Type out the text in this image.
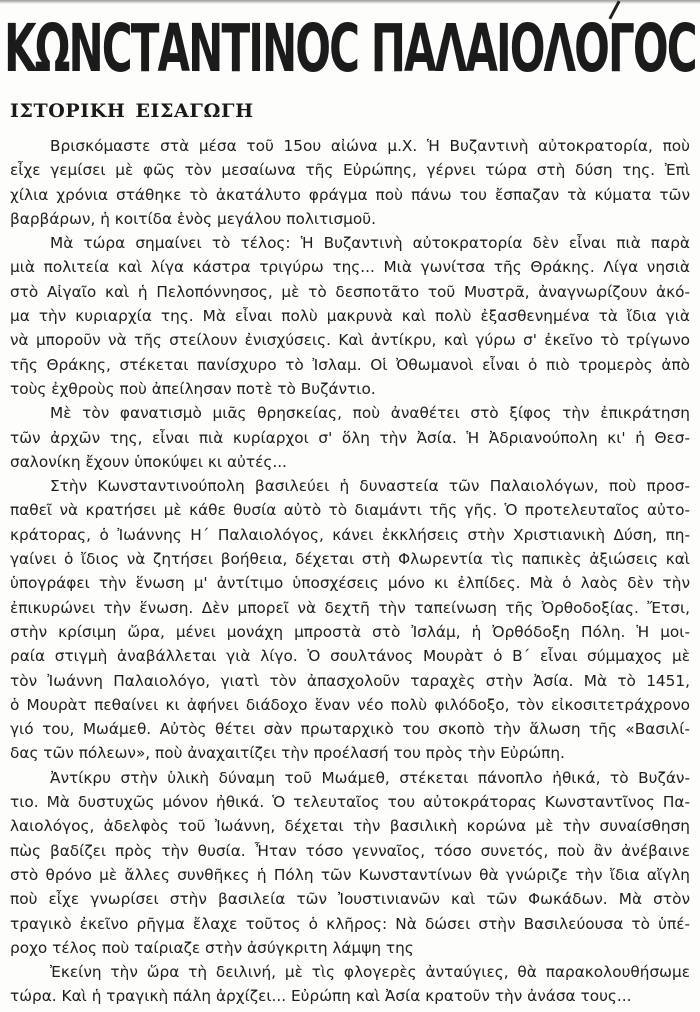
ΚΩΝCΤΑΝΤΙΝΟC ΠΑΛΑΙΟΛΟΓΟC
ΙΣΤΟΡΙΚΗ ΕΙΣΑΓΩΓΗ
Βρισκόμαστε στὰ μέσα τοῦ 15ου αἰώνα μ.Χ. Ἡ Βυζαντινὴ αὐτοκρατορία, ποὺ
εἶχε γεμίσει μὲ φῶς τὸν μεσαίωνα τῆς Εὐρώπης, γέρνει τώρα στὴ δύση της. Ἐπὶ
χίλια χρόνια στάθηκε τὸ ἀκατάλυτο φράγμα ποὺ πάνω του ἔσπαζαν τὰ κύματα τῶν
βαρβάρων, ἡ κοιτίδα ἑνὸς μεγάλου πολιτισμοῦ.
Μὰ τώρα σημαίνει τὸ τέλος: Ἡ Βυζαντινὴ αὐτοκρατορία δὲν εἶναι πιὰ παρὰ
μιὰ πολιτεία καὶ λίγα κάστρα τριγύρω της... Μιὰ γωνίτσα τῆς Θράκης. Λίγα νησιὰ
στὸ Αἰγαῖο καὶ ἡ Πελοπόννησος, μὲ τὸ δεσποτᾶτο τοῦ Μυστρᾶ, ἀναγνωρίζουν ἀκό-
μα τὴν κυριαρχία της. Μὰ εἶναι πολὺ μακρυνὰ καὶ πολὺ ἐξασθενημένα τὰ ἴδια γιὰ
νὰ μποροῦν νὰ τῆς στείλουν ἐνισχύσεις. Καὶ ἀντίκρυ, καὶ γύρω σ' ἐκεῖνο τὸ τρίγωνο
τῆς Θράκης, στέκεται πανίσχυρο τὸ Ἰσλαμ. Οἱ Ὀθωμανοὶ εἶναι ὁ πιὸ τρομερὸς ἀπὸ
τοὺς ἐχθροὺς ποὺ ἀπείλησαν ποτὲ τὸ Βυζάντιο.
Μὲ τὸν φανατισμὸ μιᾶς θρησκείας, ποὺ ἀναθέτει στὸ ξίφος τὴν ἐπικράτηση
τῶν ἀρχῶν της, εἶναι πιὰ κυρίαρχοι σ' ὅλη τὴν Ἀσία. Ἡ Ἀδριανούπολη κι' ἡ Θεσ-
σαλονίκη ἔχουν ὑποκύψει κι αὐτές...
Στὴν Κωνσταντινούπολη βασιλεύει ἡ δυναστεία τῶν Παλαιολόγων, ποὺ προσ-
παθεῖ νὰ κρατήσει μὲ κάθε θυσία αὐτὸ τὸ διαμάντι τῆς γῆς. Ὁ προτελευταῖος αὐτο-
κράτορας, ὁ Ἰωάννης Η΄ Παλαιολόγος, κάνει ἐκκλήσεις στὴν Χριστιανικὴ Δύση, πη-
γαίνει ὁ ἴδιος νὰ ζητήσει βοήθεια, δέχεται στὴ Φλωρεντία τὶς παπικὲς ἀξιώσεις καὶ
ὑπογράφει τὴν ἕνωση μ' ἀντίτιμο ὑποσχέσεις μόνο κι ἐλπίδες. Μὰ ὁ λαὸς δὲν τὴν
ἐπικυρώνει τὴν ἕνωση. Δὲν μπορεῖ νὰ δεχτῆ τὴν ταπείνωση τῆς Ὀρθοδοξίας. Ἔτσι,
στὴν κρίσιμη ὥρα, μένει μονάχη μπροστὰ στὸ Ἰσλάμ, ἡ Ὀρθόδοξη Πόλη. Ἡ μοι-
ραία στιγμὴ ἀναβάλλεται γιὰ λίγο. Ὁ σουλτάνος Μουρὰτ ὁ Β΄ εἶναι σύμμαχος μὲ
τὸν Ἰωάννη Παλαιολόγο, γιατὶ τὸν ἀπασχολοῦν ταραχὲς στὴν Ἀσία. Μὰ τὸ 1451,
ὁ Μουρὰτ πεθαίνει κι ἀφήνει διάδοχο ἕναν νέο πολὺ φιλόδοξο, τὸν εἰκοσιτετράχρονο
γιό του, Μωάμεθ. Αὐτὸς θέτει σὰν πρωταρχικὸ του σκοπὸ τὴν ἅλωση τῆς «Βασιλί-
δας τῶν πόλεων», ποὺ ἀναχαιτίζει τὴν προέλασή του πρὸς τὴν Εὐρώπη.
Ἀντίκρυ στὴν ὑλικὴ δύναμη τοῦ Μωάμεθ, στέκεται πάνοπλο ἠθικά, τὸ Βυζάν-
τιο. Μὰ δυστυχῶς μόνον ἠθικά. Ὁ τελευταῖος του αὐτοκράτορας Κωνσταντῖνος Πα-
λαιολόγος, ἀδελφὸς τοῦ Ἰωάννη, δέχεται τὴν βασιλικὴ κορώνα μὲ τὴν συναίσθηση
πὼς βαδίζει πρὸς τὴν θυσία. Ἦταν τόσο γενναῖος, τόσο συνετός, ποὺ ἂν ἀνέβαινε
στὸ θρόνο μὲ ἄλλες συνθῆκες ἡ Πόλη τῶν Κωνσταντίνων θὰ γνώριζε τὴν ἴδια αἴγλη
ποὺ εἶχε γνωρίσει στὴν βασιλεία τῶν Ἰουστινιανῶν καὶ τῶν Φωκάδων. Μὰ στὸν
τραγικὸ ἐκεῖνο ρῆγμα ἔλαχε τοῦτος ὁ κλῆρος: Νὰ δώσει στὴν Βασιλεύουσα τὸ ὑπέ-
ροχο τέλος ποὺ ταίριαζε στὴν ἀσύγκριτη λάμψη της
Ἐκείνη τὴν ὥρα τὴ δειλινή, μὲ τὶς φλογερὲς ἀνταύγιες, θὰ παρακολουθήσωμε
τώρα. Καὶ ἡ τραγικὴ πάλη ἀρχίζει... Εὐρώπη καὶ Ἀσία κρατοῦν τὴν ἀνάσα τους...
